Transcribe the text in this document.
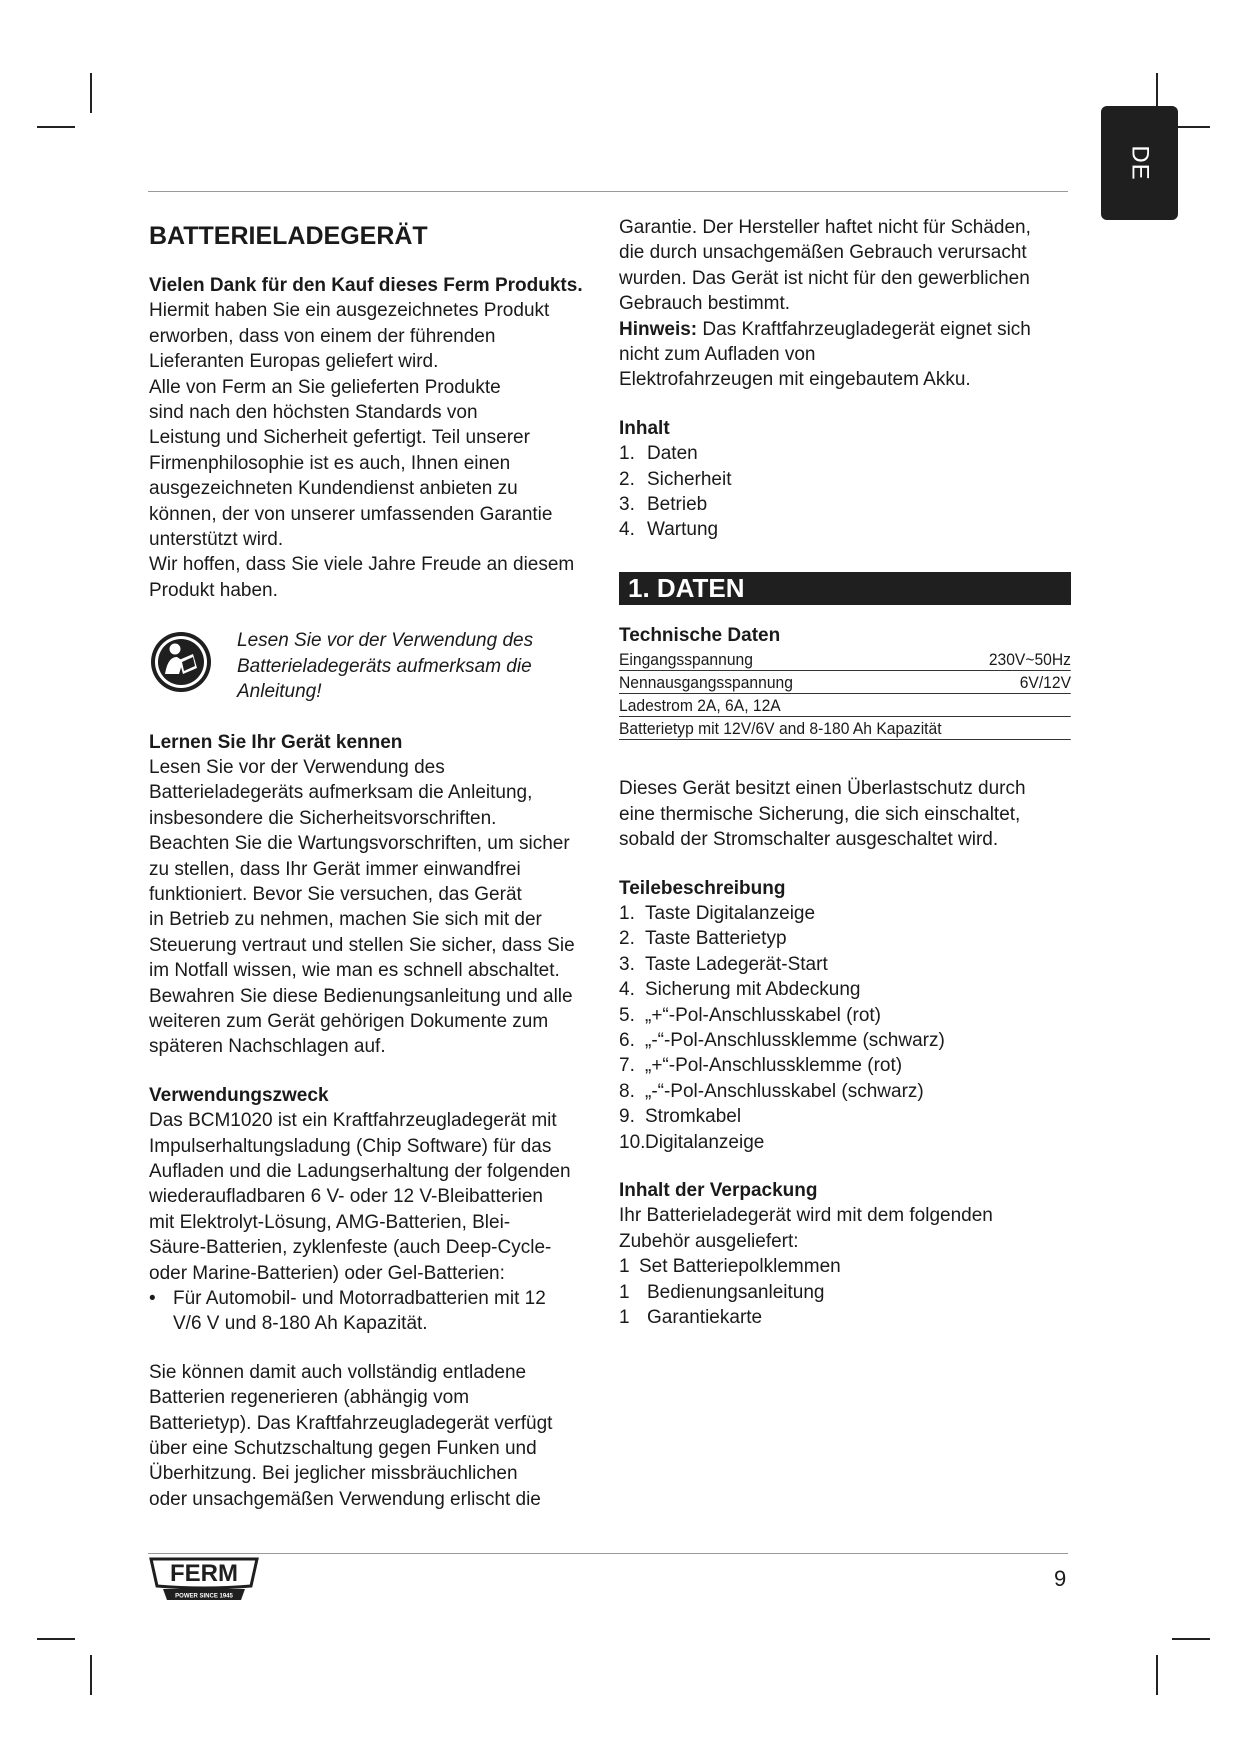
DE
BATTERIELADEGERÄT

Vielen Dank für den Kauf dieses Ferm Produkts.

Hiermit haben Sie ein ausgezeichnetes Produkt

erworben, dass von einem der führenden

Lieferanten Europas geliefert wird.

Alle von Ferm an Sie gelieferten Produkte

sind nach den höchsten Standards von

Leistung und Sicherheit gefertigt. Teil unserer

Firmenphilosophie ist es auch, Ihnen einen

ausgezeichneten Kundendienst anbieten zu

können, der von unserer umfassenden Garantie

unterstützt wird.

Wir hoffen, dass Sie viele Jahre Freude an diesem

Produkt haben.

Lesen Sie vor der Verwendung des

Batterieladegeräts aufmerksam die

Anleitung!

Lernen Sie Ihr Gerät kennen

Lesen Sie vor der Verwendung des

Batterieladegeräts aufmerksam die Anleitung,

insbesondere die Sicherheitsvorschriften.

Beachten Sie die Wartungsvorschriften, um sicher

zu stellen, dass Ihr Gerät immer einwandfrei

funktioniert. Bevor Sie versuchen, das Gerät

in Betrieb zu nehmen, machen Sie sich mit der

Steuerung vertraut und stellen Sie sicher, dass Sie

im Notfall wissen, wie man es schnell abschaltet.

Bewahren Sie diese Bedienungsanleitung und alle

weiteren zum Gerät gehörigen Dokumente zum

späteren Nachschlagen auf.

Verwendungszweck

Das BCM1020 ist ein Kraftfahrzeugladegerät mit

Impulserhaltungsladung (Chip Software) für das

Aufladen und die Ladungserhaltung der folgenden

wiederaufladbaren 6 V- oder 12 V-Bleibatterien

mit Elektrolyt-Lösung, AMG-Batterien, Blei-

Säure-Batterien, zyklenfeste (auch Deep-Cycle-

oder Marine-Batterien) oder Gel-Batterien:

• Für Automobil- und Motorradbatterien mit 12
V/6 V und 8-180 Ah Kapazität.

Sie können damit auch vollständig entladene

Batterien regenerieren (abhängig vom

Batterietyp). Das Kraftfahrzeugladegerät verfügt

über eine Schutzschaltung gegen Funken und

Überhitzung. Bei jeglicher missbräuchlichen

oder unsachgemäßen Verwendung erlischt die

Garantie. Der Hersteller haftet nicht für Schäden,

die durch unsachgemäßen Gebrauch verursacht

wurden. Das Gerät ist nicht für den gewerblichen

Gebrauch bestimmt.

Hinweis: Das Kraftfahrzeugladegerät eignet sich

nicht zum Aufladen von

Elektrofahrzeugen mit eingebautem Akku.

Inhalt

1. Daten
2. Sicherheit
3. Betrieb
4. Wartung
1. DATEN

Technische Daten

Eingangsspannung	230V~50Hz
Nennausgangsspannung	6V/12V
Ladestrom 2A, 6A, 12A
Batterietyp mit 12V/6V and 8-180 Ah Kapazität

Dieses Gerät besitzt einen Überlastschutz durch

eine thermische Sicherung, die sich einschaltet,

sobald der Stromschalter ausgeschaltet wird.

Teilebeschreibung

1. Taste Digitalanzeige
2. Taste Batterietyp
3. Taste Ladegerät-Start
4. Sicherung mit Abdeckung
5. „+“-Pol-Anschlusskabel (rot)
6. „-“-Pol-Anschlussklemme (schwarz)
7. „+“-Pol-Anschlussklemme (rot)
8. „-“-Pol-Anschlusskabel (schwarz)
9. Stromkabel
10. Digitalanzeige

Inhalt der Verpackung

Ihr Batterieladegerät wird mit dem folgenden

Zubehör ausgeliefert:

1 Set Batteriepolklemmen
1 Bedienungsanleitung
1 Garantiekarte
FERM
POWER SINCE 1945
9
